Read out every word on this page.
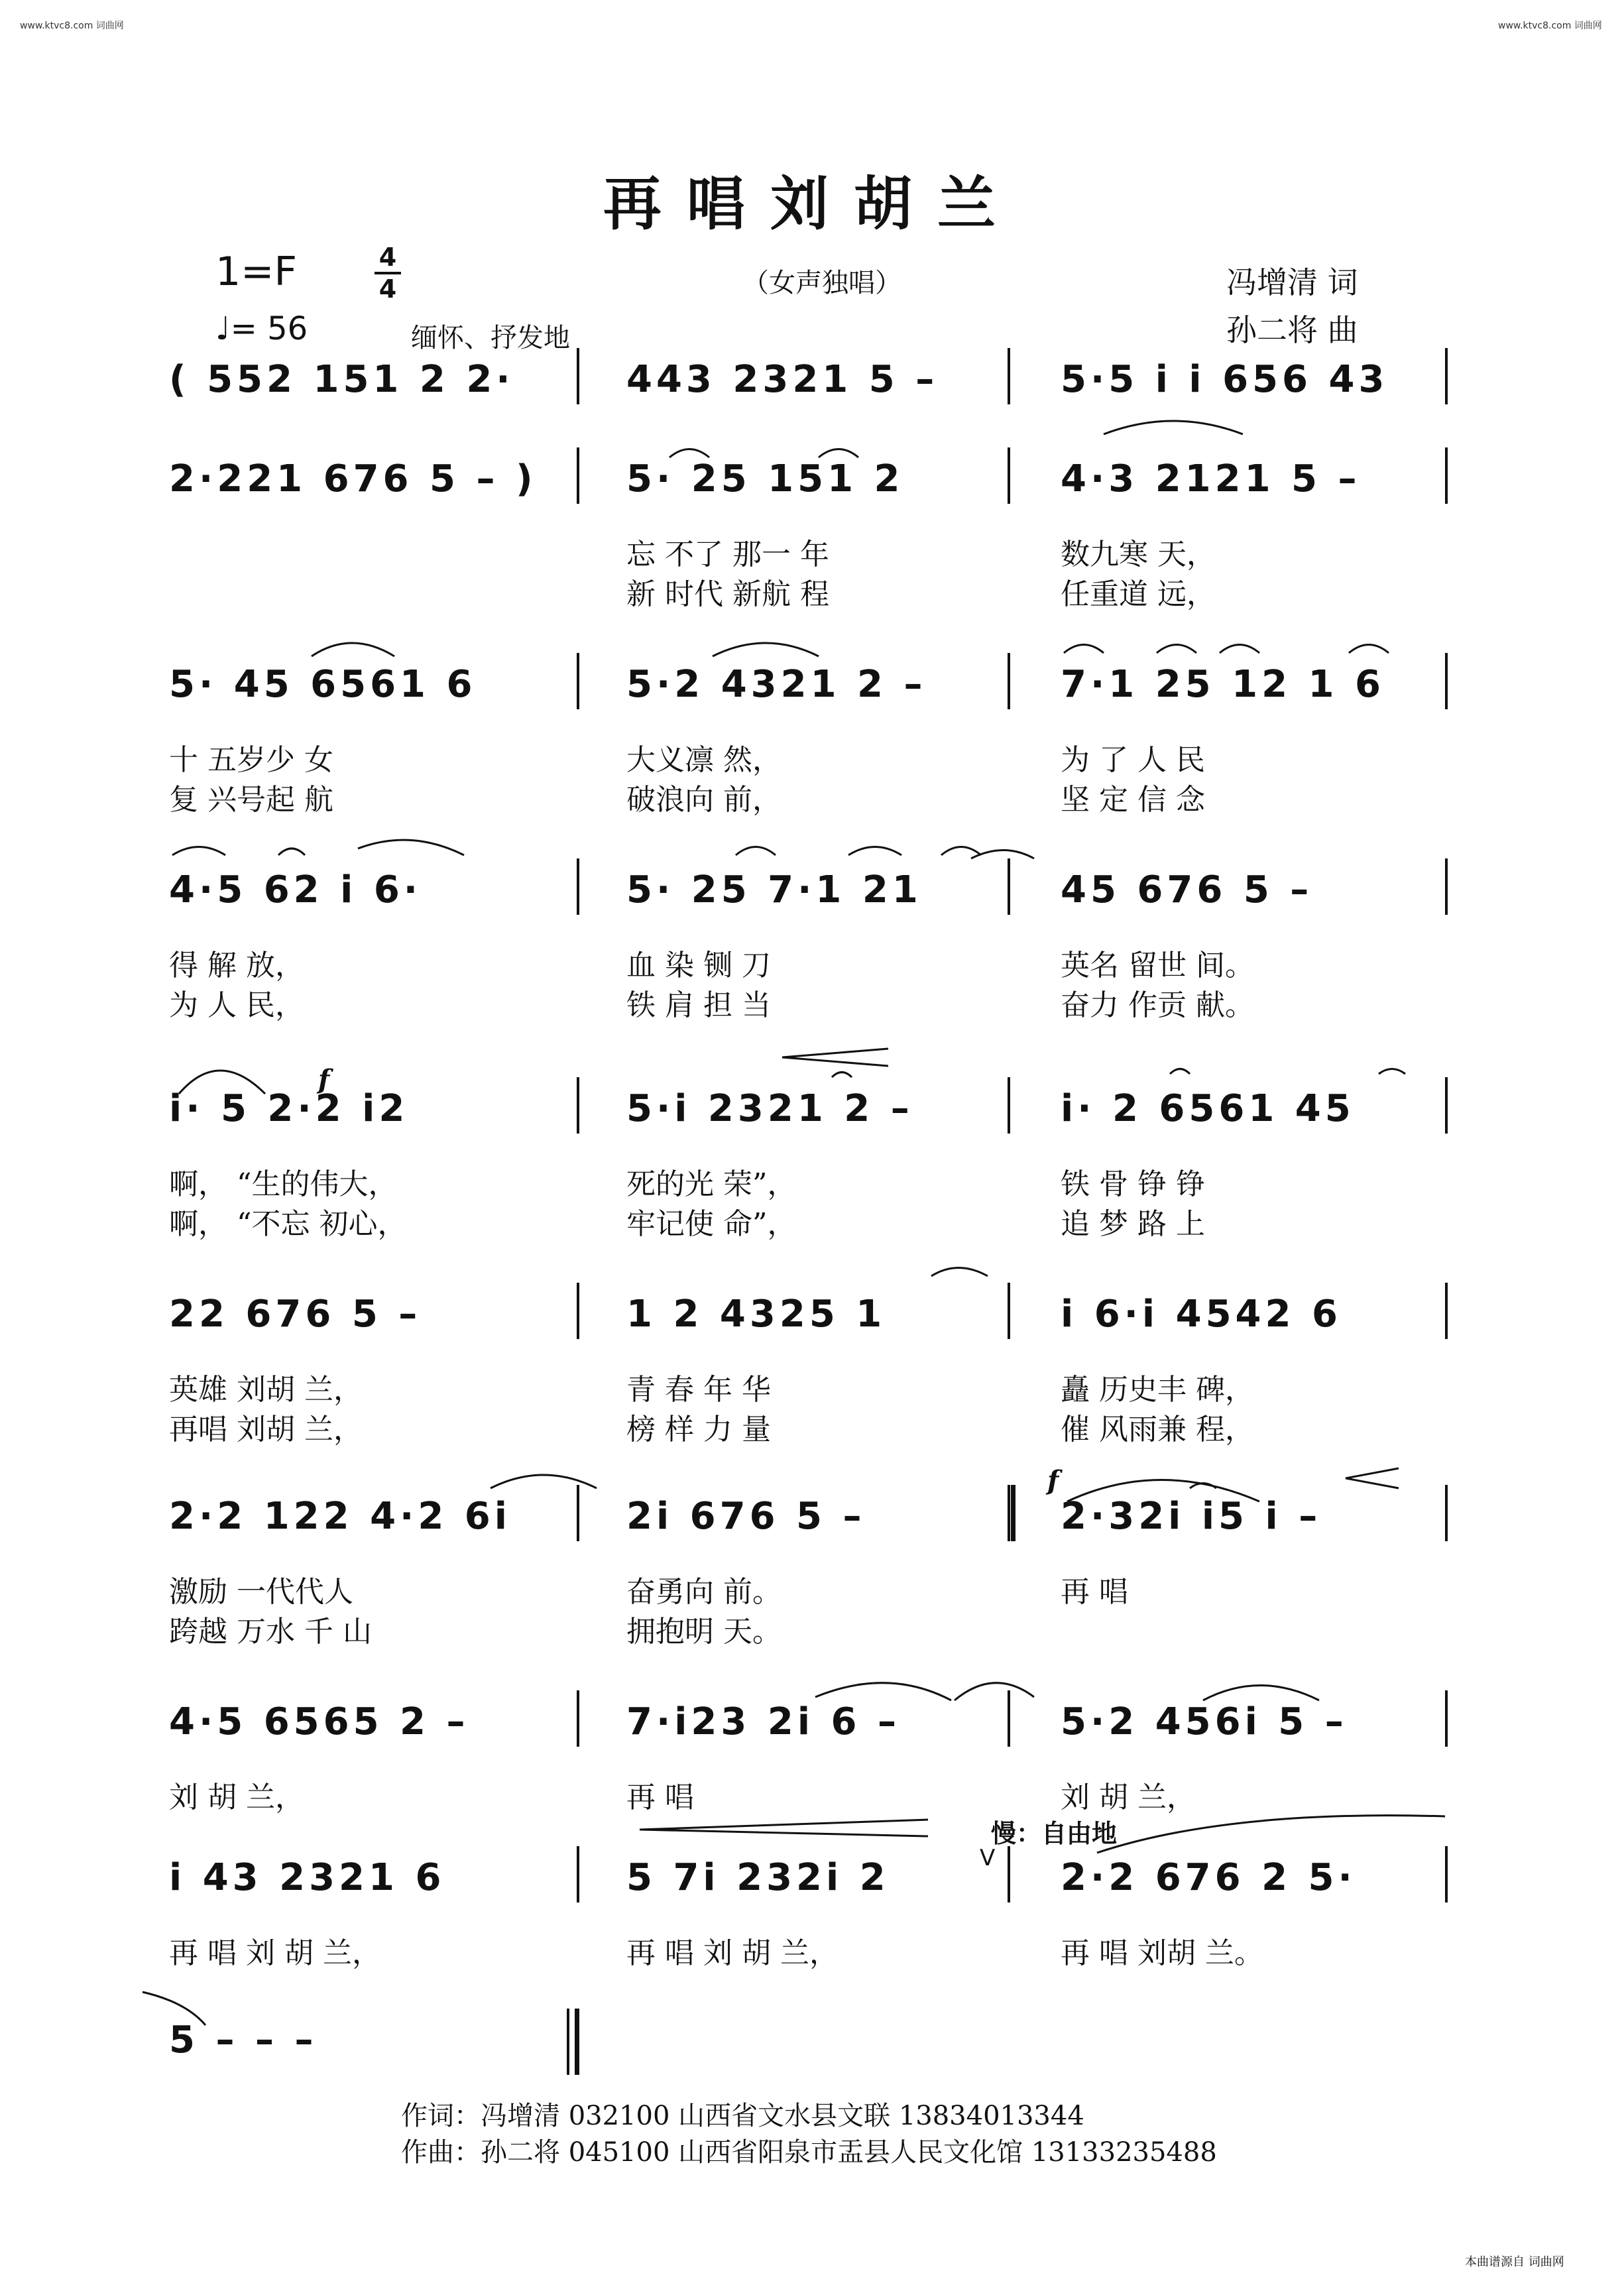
www.ktvc8.com 词曲网	www.ktvc8.com 词曲网
再唱刘胡兰
1=F	4
4
♩= 56	缅怀、抒发地
（女声独唱）	冯增清 词
孙二将 曲
( 552 151 2 2·	443 2321 5 –	5·5 i i 656 43
2·221 676 5 – ) 5· 25 151 2
忘 不了 那一 年
新 时代 新航 程
4·3 2121 5 –
数九寒 天，
任重道 远，
5· 45 6561 6
十 五岁少 女
复 兴号起 航
5·2 4321 2 –
大义凛 然，
破浪向 前，
7·1 25 12 1 6
为 了 人 民
坚 定 信 念
4·5 62 i 6·
得 解 放，
为 人 民，
5· 25 7·1 21
血 染 铡 刀
铁 肩 担 当
45 676 5 –
英名 留世 间。
奋力 作贡 献。
i· 5 2·2 i2
啊， “生的伟大，
啊， “不忘 初心，
5·i 2321 2 –
死的光 荣”，
牢记使 命”，
i· 2 6561 45
铁 骨 铮 铮
追 梦 路 上
22 676 5 –
英雄 刘胡 兰，
再唱 刘胡 兰，
1 2 4325 1
青 春 年 华
榜 样 力 量
i 6·i 4542 6
矗 历史丰 碑，
催 风雨兼 程，
2·2 122 4·2 6i
激励 一代代人
跨越 万水 千 山
2i 676 5 –
奋勇向 前。
拥抱明 天。
2·32i i5 i –
再 唱
4·5 6565 2 –
刘 胡 兰，
7·i23 2i 6 –
再 唱
5·2 456i 5 –
刘 胡 兰，
i 43 2321 6
再 唱 刘 胡 兰，
5 7i 232i 2
再 唱 刘 胡 兰，
2·2 676 2 5·
再 唱 刘胡 兰。
5 – – –
f
f
慢：自由地
V
作词：冯增清 032100 山西省文水县文联 13834013344
作曲：孙二将 045100 山西省阳泉市盂县人民文化馆 13133235488
本曲谱源自 词曲网
